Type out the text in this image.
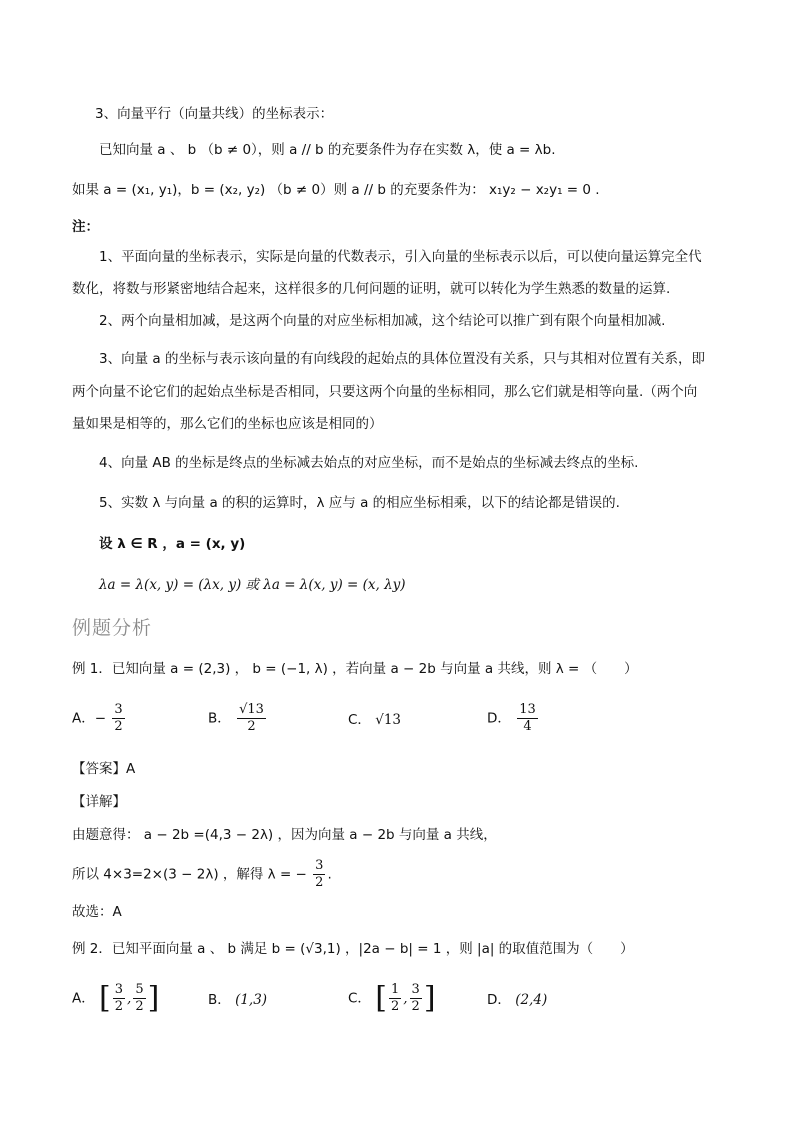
3、向量平行（向量共线）的坐标表示：
已知向量 a 、 b （b ≠ 0），则 a // b 的充要条件为存在实数 λ，使 a = λb.
如果 a = (x₁, y₁)，b = (x₂, y₂) （b ≠ 0）则 a // b 的充要条件为： x₁y₂ − x₂y₁ = 0 .
注：
1、平面向量的坐标表示，实际是向量的代数表示，引入向量的坐标表示以后，可以使向量运算完全代
数化，将数与形紧密地结合起来，这样很多的几何问题的证明，就可以转化为学生熟悉的数量的运算.
2、两个向量相加减，是这两个向量的对应坐标相加减，这个结论可以推广到有限个向量相加减.
3、向量 a 的坐标与表示该向量的有向线段的起始点的具体位置没有关系，只与其相对位置有关系，即
两个向量不论它们的起始点坐标是否相同，只要这两个向量的坐标相同，那么它们就是相等向量.（两个向
量如果是相等的，那么它们的坐标也应该是相同的）
4、向量 AB 的坐标是终点的坐标减去始点的对应坐标，而不是始点的坐标减去终点的坐标.
5、实数 λ 与向量 a 的积的运算时，λ 应与 a 的相应坐标相乘，以下的结论都是错误的.
设 λ ∈ R ，a = (x, y)
λa = λ(x, y) = (λx, y) 或 λa = λ(x, y) = (x, λy)
例题分析
例 1．已知向量 a = (2,3) ， b = (−1, λ) ，若向量 a − 2b 与向量 a 共线，则 λ = （　　）
A．− $\frac{3}{2}$	B． $\frac{√13}{2}$	C． √13	D． $\frac{13}{4}$
【答案】A
【详解】
由题意得： a − 2b =(4,3 − 2λ) ，因为向量 a − 2b 与向量 a 共线，
所以 4×3=2×(3 − 2λ) ，解得 λ = − $\frac{3}{2}$ .
故选：A
例 2．已知平面向量 a 、 b 满足 b = (√3,1) ，|2a − b| = 1 ，则 |a| 的取值范围为（　　）
A． [ $\frac{3}{2}$ , $\frac{5}{2}$ ]	B． (1,3)	C． [ $\frac{1}{2}$ , $\frac{3}{2}$ ]	D． (2,4)
